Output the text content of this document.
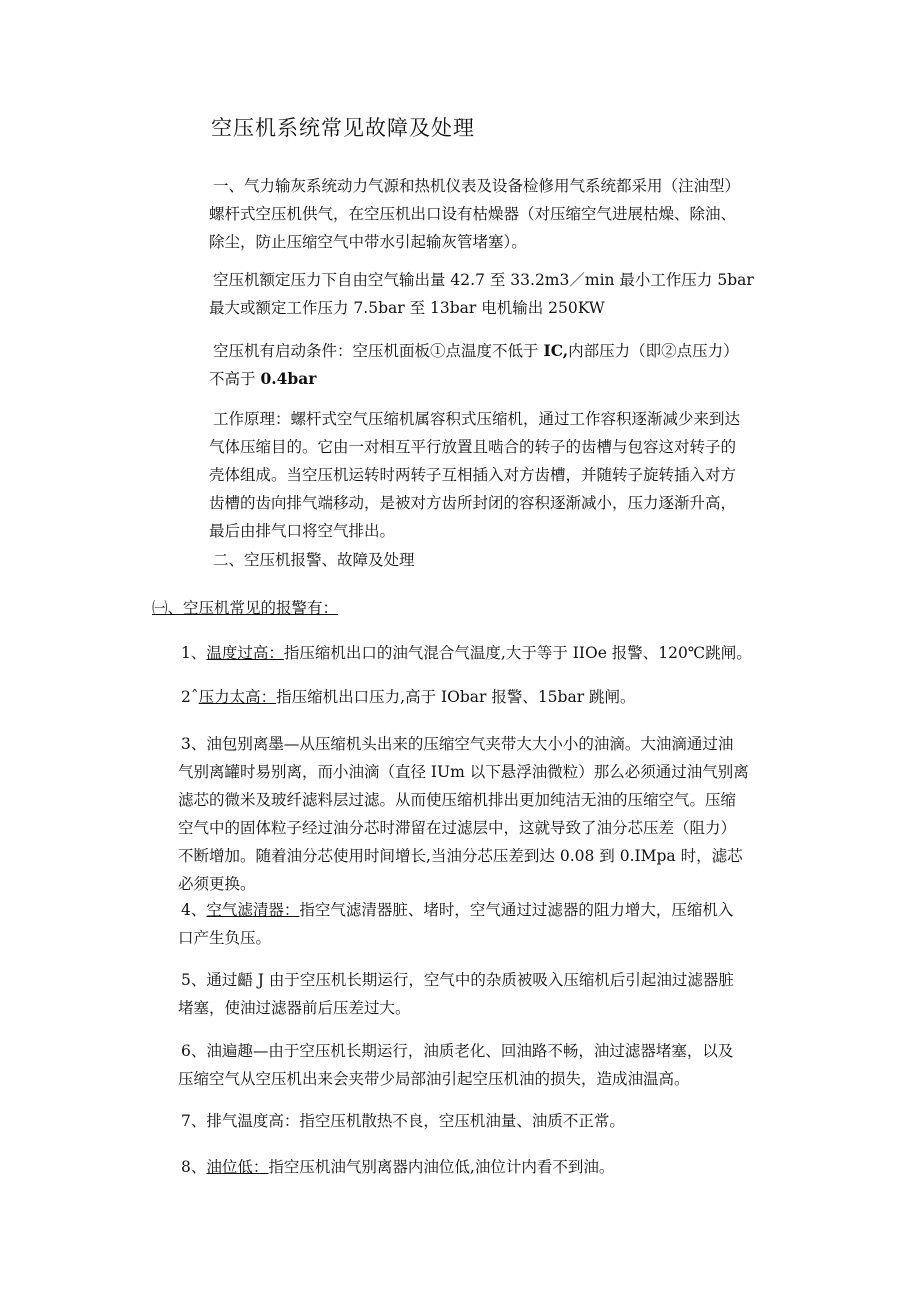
空压机系统常见故障及处理
一、气力输灰系统动力气源和热机仪表及设备检修用气系统都采用（注油型）
螺杆式空压机供气，在空压机出口设有枯燥器（对压缩空气进展枯燥、除油、
除尘，防止压缩空气中带水引起输灰管堵塞）。
空压机额定压力下自由空气输出量 42.7 至 33.2m3／min 最小工作压力 5bar
最大或额定工作压力 7.5bar 至 13bar 电机输出 250KW
空压机有启动条件：空压机面板①点温度不低于 IC,内部压力（即②点压力）
不高于 0.4bar
工作原理：螺杆式空气压缩机属容积式压缩机，通过工作容积逐渐减少来到达
气体压缩目的。它由一对相互平行放置且啮合的转子的齿槽与包容这对转子的
壳体组成。当空压机运转时两转子互相插入对方齿槽，并随转子旋转插入对方
齿槽的齿向排气端移动，是被对方齿所封闭的容积逐渐减小，压力逐渐升高，
最后由排气口将空气排出。
二、空压机报警、故障及处理
㈠、空压机常见的报警有：
1、温度过高：指压缩机出口的油气混合气温度,大于等于 IIOe 报警、120℃跳闸。
2ˆ压力太高：指压缩机出口压力,高于 IObar 报警、15bar 跳闸。
3、油包别离墨—从压缩机头出来的压缩空气夹带大大小小的油滴。大油滴通过油
气别离罐时易别离，而小油滴（直径 IUm 以下悬浮油微粒）那么必须通过油气别离
滤芯的微米及玻纤滤料层过滤。从而使压缩机排出更加纯洁无油的压缩空气。压缩
空气中的固体粒子经过油分芯时滞留在过滤层中，这就导致了油分芯压差（阻力）
不断增加。随着油分芯使用时间增长,当油分芯压差到达 0.08 到 0.IMpa 时，滤芯
必须更换。
4、空气滤清器：指空气滤清器脏、堵时，空气通过过滤器的阻力增大，压缩机入
口产生负压。
5、通过齬 J 由于空压机长期运行，空气中的杂质被吸入压缩机后引起油过滤器脏
堵塞，使油过滤器前后压差过大。
6、油遍趣—由于空压机长期运行，油质老化、回油路不畅，油过滤器堵塞，以及
压缩空气从空压机出来会夹带少局部油引起空压机油的损失，造成油温高。
7、排气温度高：指空压机散热不良，空压机油量、油质不正常。
8、油位低：指空压机油气别离器内油位低,油位计内看不到油。
